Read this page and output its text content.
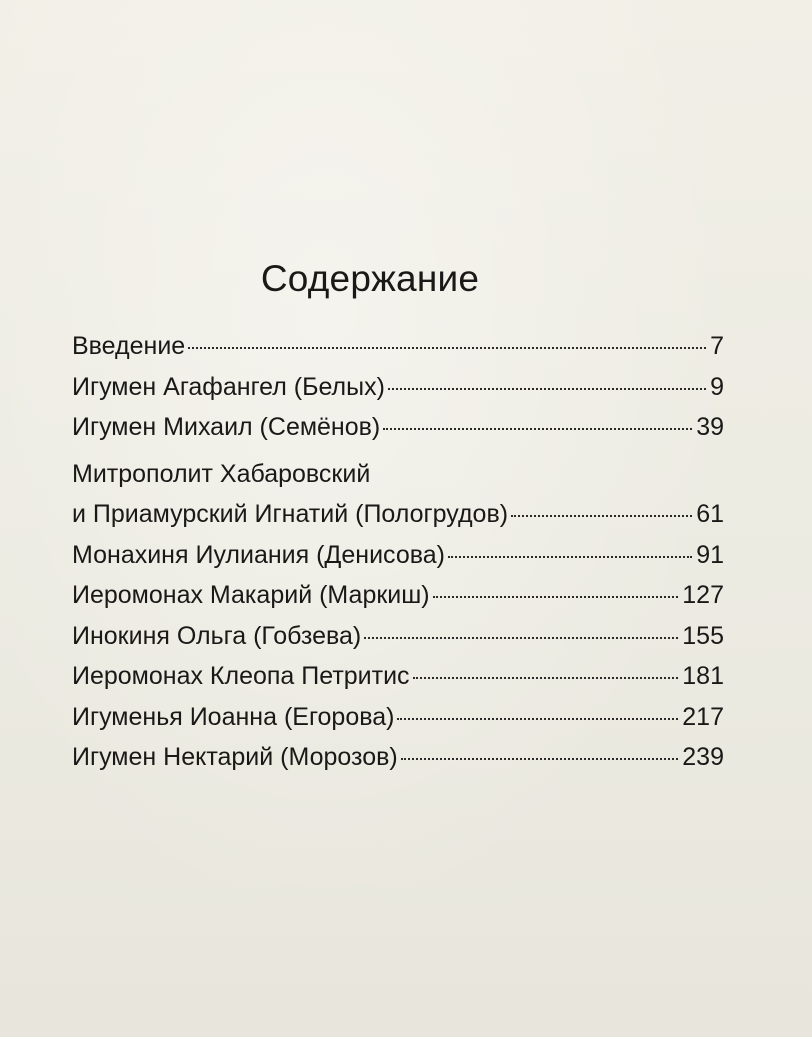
Содержание
Введение	7
Игумен Агафангел (Белых)	9
Игумен Михаил (Семёнов)	39
Митрополит Хабаровский
и Приамурский Игнатий (Пологрудов)	61
Монахиня Иулиания (Денисова)	91
Иеромонах Макарий (Маркиш)	127
Инокиня Ольга (Гобзева)	155
Иеромонах Клеопа Петритис	181
Игуменья Иоанна (Егорова)	217
Игумен Нектарий (Морозов)	239
